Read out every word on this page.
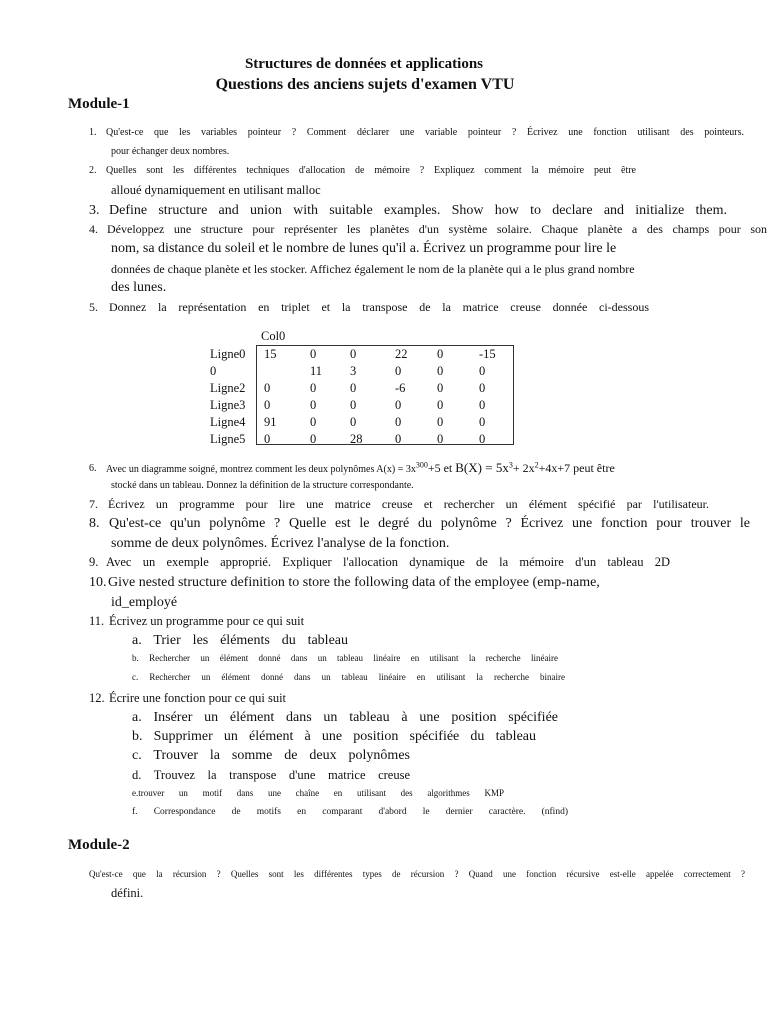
Structures de données et applications
Questions des anciens sujets d'examen VTU
Module-1
1. Qu'est-ce que les variables pointeur ? Comment déclarer une variable pointeur ? Écrivez une fonction utilisant des pointeurs.
pour échanger deux nombres.
2. Quelles sont les différentes techniques d'allocation de mémoire ? Expliquez comment la mémoire peut être
alloué dynamiquement en utilisant malloc
3. Define structure and union with suitable examples. Show how to declare and initialize them.
4. Développez une structure pour représenter les planètes d'un système solaire. Chaque planète a des champs pour son
nom, sa distance du soleil et le nombre de lunes qu'il a. Écrivez un programme pour lire le
données de chaque planète et les stocker. Affichez également le nom de la planète qui a le plus grand nombre
des lunes.
5. Donnez la représentation en triplet et la transpose de la matrice creuse donnée ci-dessous
Col0
Ligne0	15	0	0	22	0	-15
0		11	3	0	0	0
Ligne2	0	0	0	-6	0	0
Ligne3	0	0	0	0	0	0
Ligne4	91	0	0	0	0	0
Ligne5	0	0	28	0	0	0
6. Avec un diagramme soigné, montrez comment les deux polynômes $A(x) = 3x^{300}+5$ et $B(X) = 5x^3+ 2x^2+4x+7$ peut être
stocké dans un tableau. Donnez la définition de la structure correspondante.
7. Écrivez un programme pour lire une matrice creuse et rechercher un élément spécifié par l'utilisateur.
8. Qu'est-ce qu'un polynôme ? Quelle est le degré du polynôme ? Écrivez une fonction pour trouver le
somme de deux polynômes. Écrivez l'analyse de la fonction.
9. Avec un exemple approprié. Expliquer l'allocation dynamique de la mémoire d'un tableau 2D
10. Give nested structure definition to store the following data of the employee (emp-name,
id_employé
11. Écrivez un programme pour ce qui suit
a. Trier les éléments du tableau
b. Rechercher un élément donné dans un tableau linéaire en utilisant la recherche linéaire
c. Rechercher un élément donné dans un tableau linéaire en utilisant la recherche binaire
12. Écrire une fonction pour ce qui suit
a. Insérer un élément dans un tableau à une position spécifiée
b. Supprimer un élément à une position spécifiée du tableau
c. Trouver la somme de deux polynômes
d. Trouvez la transpose d'une matrice creuse
e.trouver un motif dans une chaîne en utilisant des algorithmes KMP
f. Correspondance de motifs en comparant d'abord le dernier caractère. (nfind)
Module-2
Qu'est-ce que la récursion ? Quelles sont les différentes types de récursion ? Quand une fonction récursive est-elle appelée correctement ?
défini.
